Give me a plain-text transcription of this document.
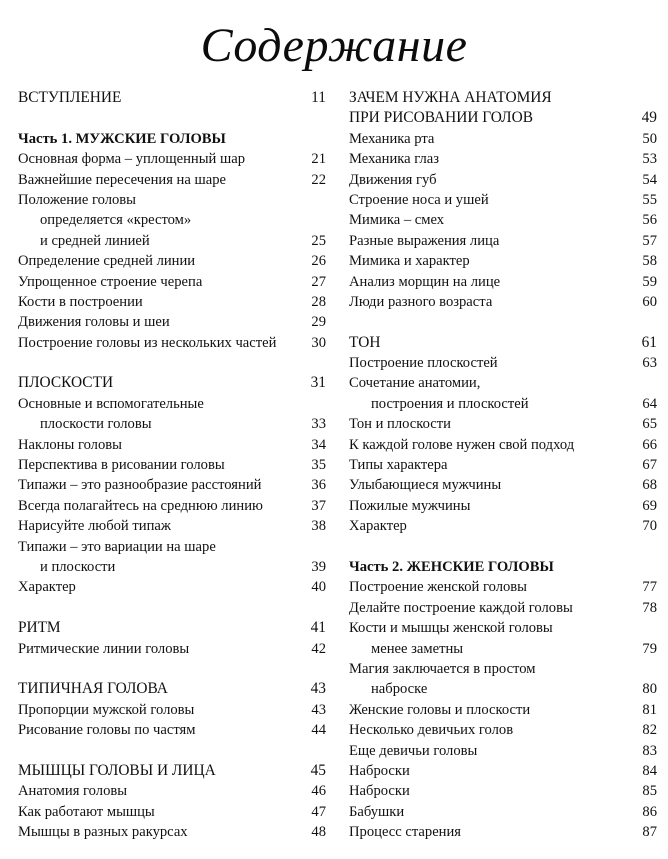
Содержание
ВСТУПЛЕНИЕ	11
Часть 1. МУЖСКИЕ ГОЛОВЫ
Основная форма – уплощенный шар	21
Важнейшие пересечения на шаре	22
Положение головы
определяется «крестом»
и средней линией	25
Определение средней линии	26
Упрощенное строение черепа	27
Кости в построении	28
Движения головы и шеи	29
Построение головы из нескольких частей 30
ПЛОСКОСТИ	31
Основные и вспомогательные
плоскости головы	33
Наклоны головы	34
Перспектива в рисовании головы	35
Типажи – это разнообразие расстояний	36
Всегда полагайтесь на среднюю линию	37
Нарисуйте любой типаж	38
Типажи – это вариации на шаре
и плоскости	39
Характер	40
РИТМ	41
Ритмические линии головы	42
ТИПИЧНАЯ ГОЛОВА	43
Пропорции мужской головы	43
Рисование головы по частям	44
МЫШЦЫ ГОЛОВЫ И ЛИЦА	45
Анатомия головы	46
Как работают мышцы	47
Мышцы в разных ракурсах	48
ЗАЧЕМ НУЖНА АНАТОМИЯ
ПРИ РИСОВАНИИ ГОЛОВ	49
Механика рта	50
Механика глаз	53
Движения губ	54
Строение носа и ушей	55
Мимика – смех	56
Разные выражения лица	57
Мимика и характер	58
Анализ морщин на лице	59
Люди разного возраста	60
ТОН	61
Построение плоскостей	63
Сочетание анатомии,
построения и плоскостей	64
Тон и плоскости	65
К каждой голове нужен свой подход	66
Типы характера	67
Улыбающиеся мужчины	68
Пожилые мужчины	69
Характер	70
Часть 2. ЖЕНСКИЕ ГОЛОВЫ
Построение женской головы	77
Делайте построение каждой головы	78
Кости и мышцы женской головы
менее заметны	79
Магия заключается в простом
наброске	80
Женские головы и плоскости	81
Несколько девичьих голов	82
Еще девичьи головы	83
Наброски	84
Наброски	85
Бабушки	86
Процесс старения	87
